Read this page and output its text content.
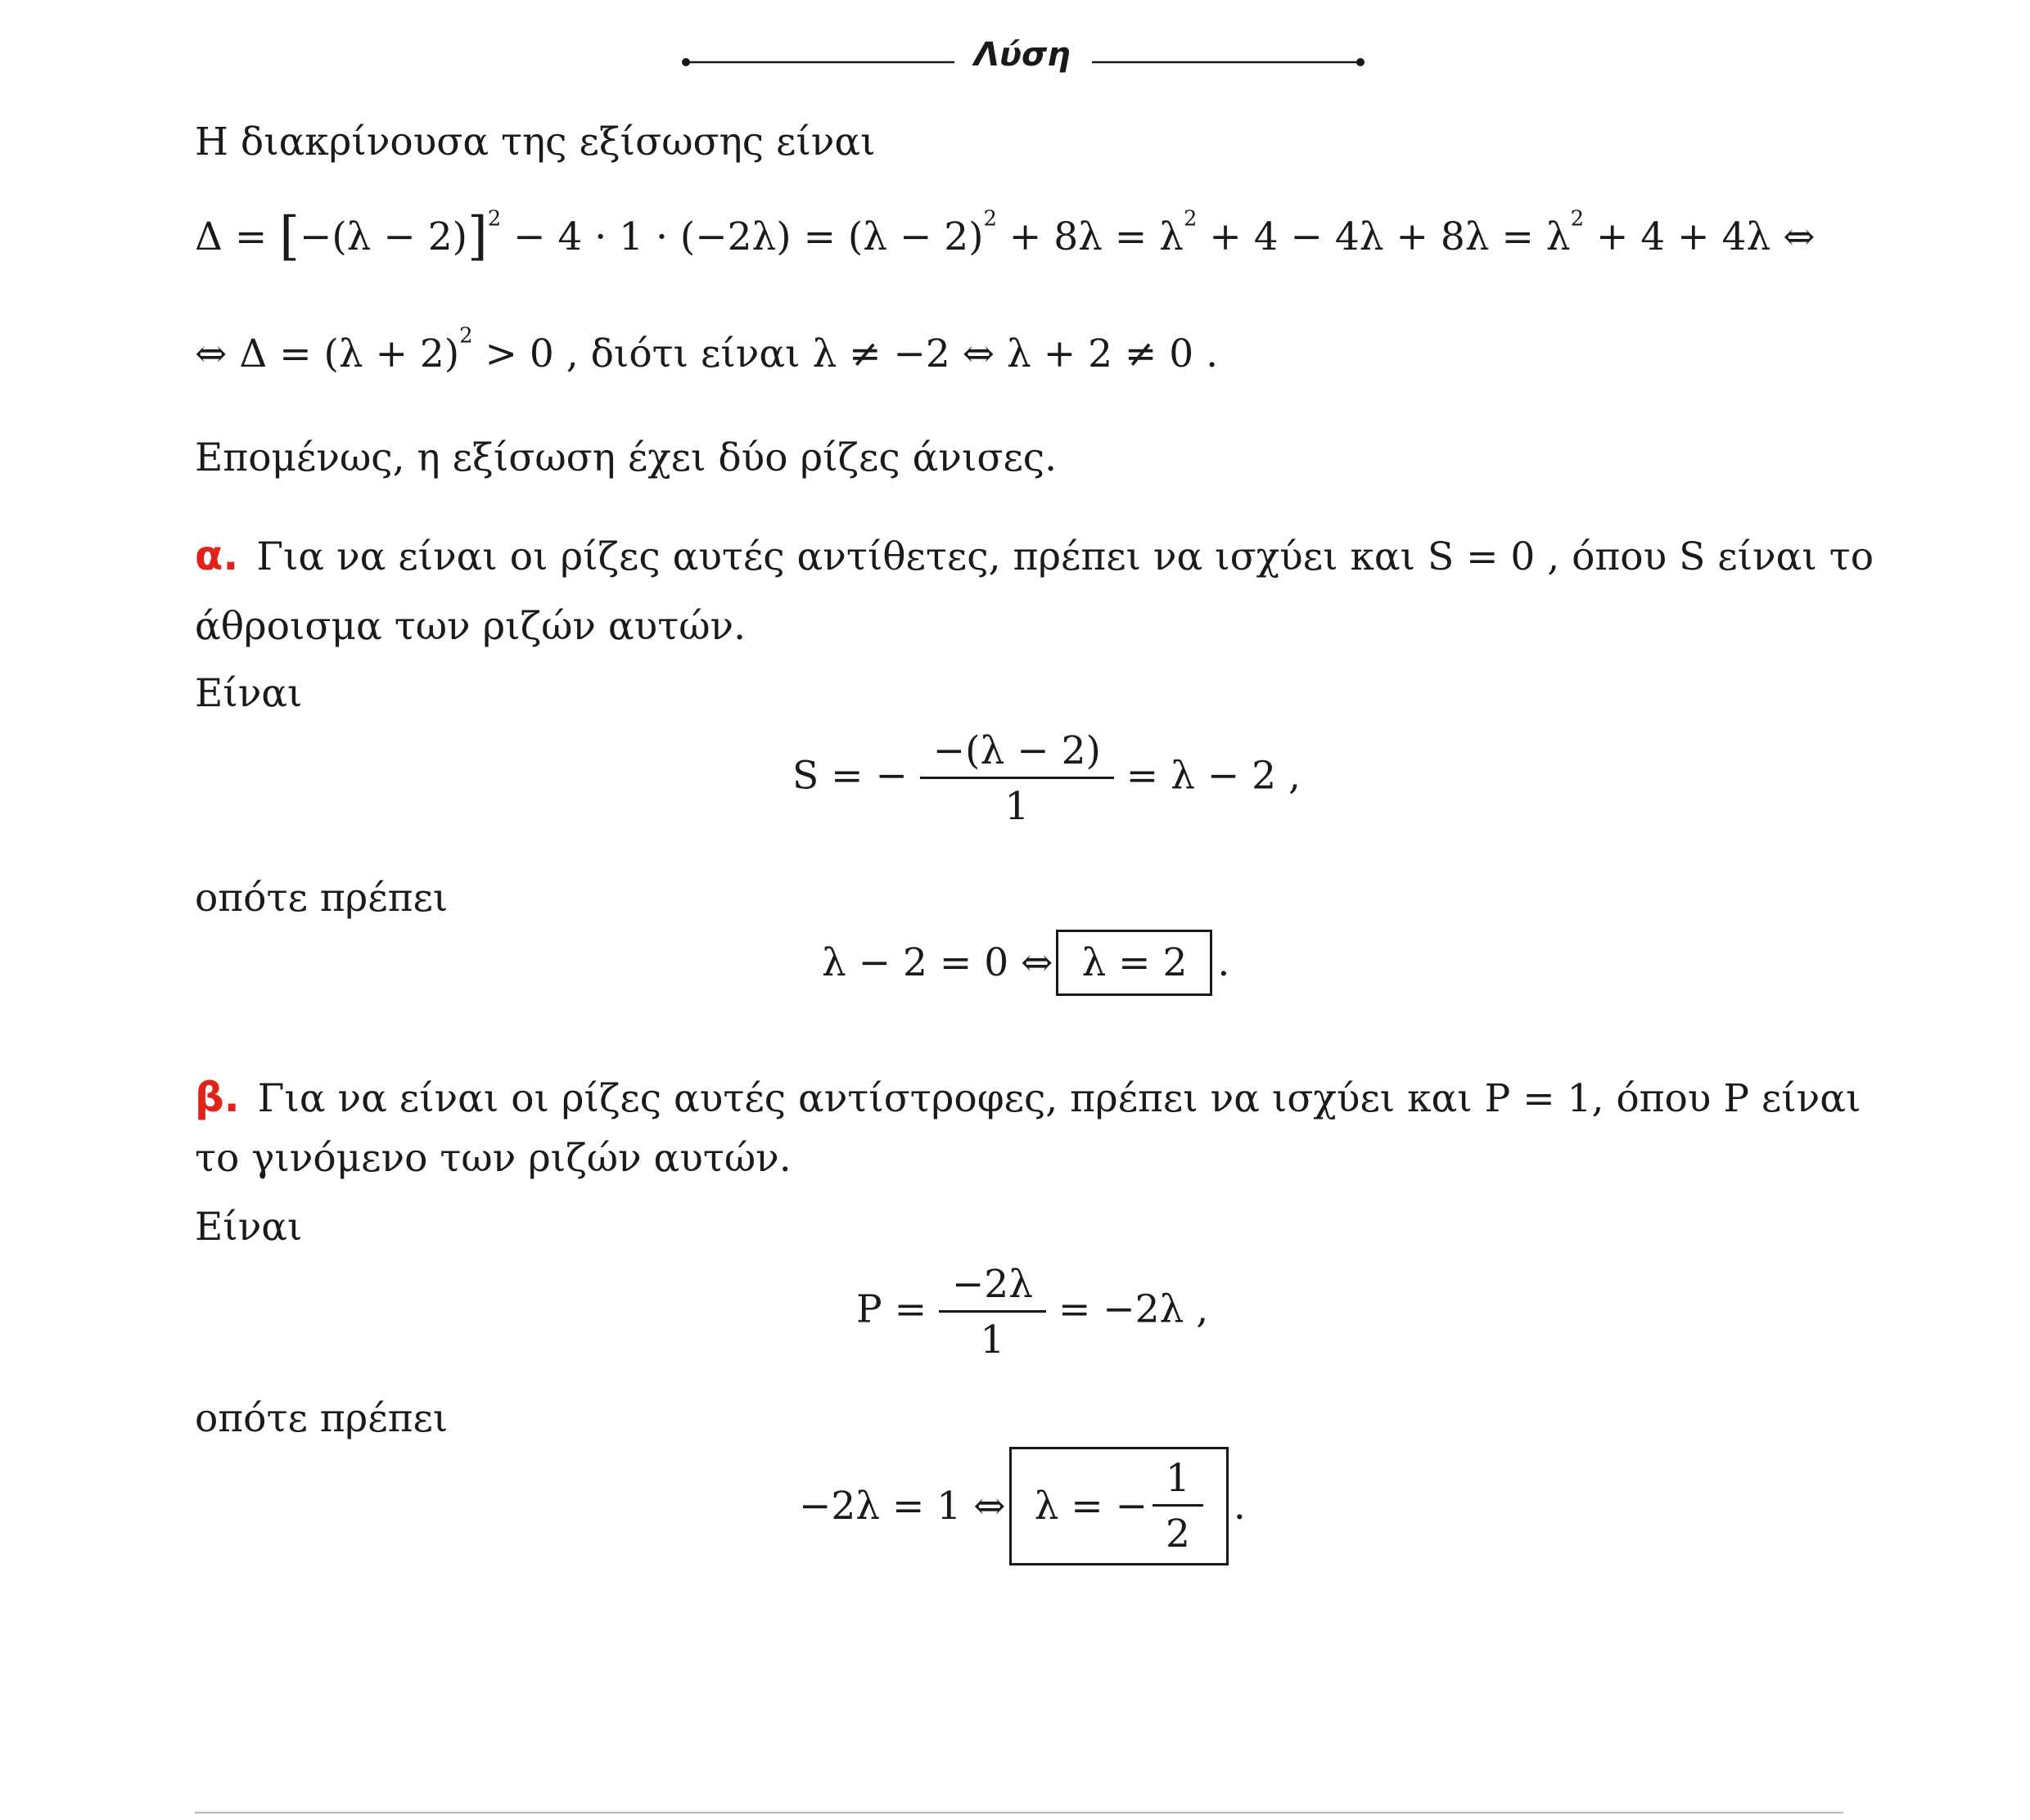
Λύση
Η διακρίνουσα της εξίσωσης είναι
$\Delta = [-(\lambda - 2)]^2 - 4 \cdot 1 \cdot (-2\lambda) = (\lambda - 2)^2 + 8\lambda = \lambda^2 + 4 - 4\lambda + 8\lambda = \lambda^2 + 4 + 4\lambda$ ⇔
⇔ $\Delta = (\lambda + 2)^2 > 0$ , διότι είναι λ ≠ −2 ⇔ λ + 2 ≠ 0 .
Επομένως, η εξίσωση έχει δύο ρίζες άνισες.
α. Για να είναι οι ρίζες αυτές αντίθετες, πρέπει να ισχύει και S = 0 , όπου S είναι το
άθροισμα των ριζών αυτών.
Είναι
S = − $\frac{-(\lambda - 2)}{1} = \lambda - 2$ ,
οπότε πρέπει
λ − 2 = 0 ⇔ λ = 2 .
β. Για να είναι οι ρίζες αυτές αντίστροφες, πρέπει να ισχύει και P = 1, όπου P είναι
το γινόμενο των ριζών αυτών.
Είναι
$P = \frac{-2\lambda}{1} = -2\lambda$ ,
οπότε πρέπει
−2λ = 1 ⇔ λ = − $\frac{1}{2}$ .
